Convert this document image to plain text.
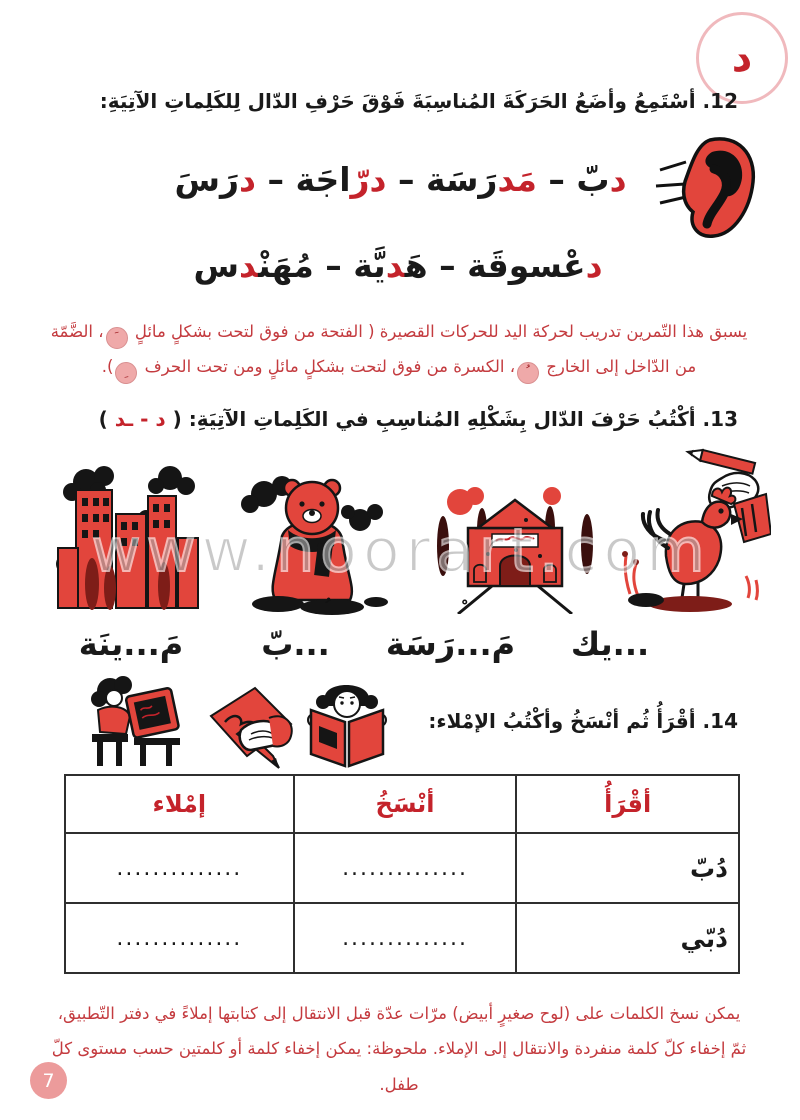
د
12. أسْتَمِعُ وأضَعُ الحَرَكَةَ المُناسِبَةَ فَوْقَ حَرْفِ الدّال لِلكَلِماتِ الآتِيَةِ:
دبّ – مَدرَسَة – درّاجَة – درَسَ
دعْسوقَة – هَ‍‍ديَّة – مُهَنْ‍‍دس
يسبق هذا التّمرين تدريب لحركة اليد للحركات القصيرة ( الفتحة من فوق لتحت بشكلٍ مائلٍ
ﹶ
، الضَّمّة من الدّاخل إلى الخارج
ﹸ
، الكسرة من فوق لتحت بشكلٍ مائلٍ ومن تحت الحرف
ﹺ
).
13. أكْتُبُ حَرْفَ الدّال بِشَكْلِهِ المُناسِبِ في الكَلِماتِ الآتِيَةِ: ( د - ـد )
www.noorart.com
...يك
مَ...رَسَة
ﹾ
...بّ
ﹸ
مَ...ينَة
14. أقْرَأُ ثُم أنْسَخُ وأكْتُبُ الإمْلاء:
أقْرَأُ	أنْسَخُ	إمْلاء
دُبّ	..............	..............
دُبّي	..............	..............
يمكن نسخ الكلمات على (لوح صغيرٍ أبيض) مرّات عدّة قبل الانتقال إلى كتابتها إملاءً في دفتر التّطبيق، ثمّ إخفاء كلّ كلمة منفردة والانتقال إلى الإملاء. ملحوظة: يمكن إخفاء كلمة أو كلمتين حسب مستوى كلّ طفل.
7
